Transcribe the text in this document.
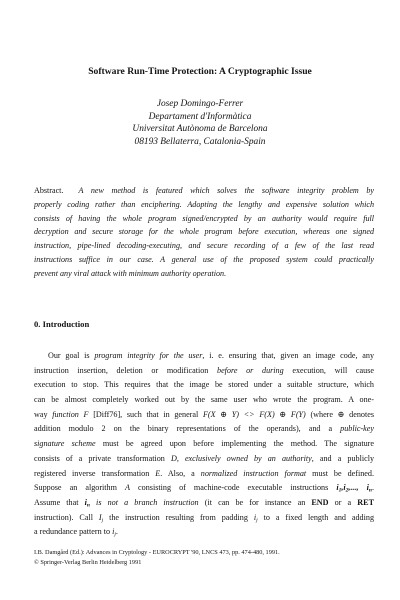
Software Run-Time Protection: A Cryptographic Issue
Josep Domingo-Ferrer
Departament d'Informàtica
Universitat Autònoma de Barcelona
08193 Bellaterra, Catalonia-Spain
Abstract. A new method is featured which solves the software integrity problem by
properly coding rather than enciphering. Adopting the lengthy and expensive solution which
consists of having the whole program signed/encrypted by an authority would require full
decryption and secure storage for the whole program before execution, whereas one signed
instruction, pipe-lined decoding-executing, and secure recording of a few of the last read
instructions suffice in our case. A general use of the proposed system could practically
prevent any viral attack with minimum authority operation.
0. Introduction
Our goal is program integrity for the user, i. e. ensuring that, given an image code, any
instruction insertion, deletion or modification before or during execution, will cause
execution to stop. This requires that the image be stored under a suitable structure, which
can be almost completely worked out by the same user who wrote the program. A one-
way function F [Diff76], such that in general F(X ⊕ Y) <> F(X) ⊕ F(Y) (where ⊕ denotes
addition modulo 2 on the binary representations of the operands), and a public-key
signature scheme must be agreed upon before implementing the method. The signature
consists of a private transformation D, exclusively owned by an authority, and a publicly
registered inverse transformation E. Also, a normalized instruction format must be defined.
Suppose an algorithm A consisting of machine-code executable instructions $i_1,i_2$,..., $i_n$.
Assume that $i_n$ is not a branch instruction (it can be for instance an END or a RET
instruction). Call $I_j$ the instruction resulting from padding $i_j$ to a fixed length and adding
a redundance pattern to $i_j$.
I.B. Damgård (Ed.): Advances in Cryptology - EUROCRYPT '90, LNCS 473, pp. 474-480, 1991.
© Springer-Verlag Berlin Heidelberg 1991
